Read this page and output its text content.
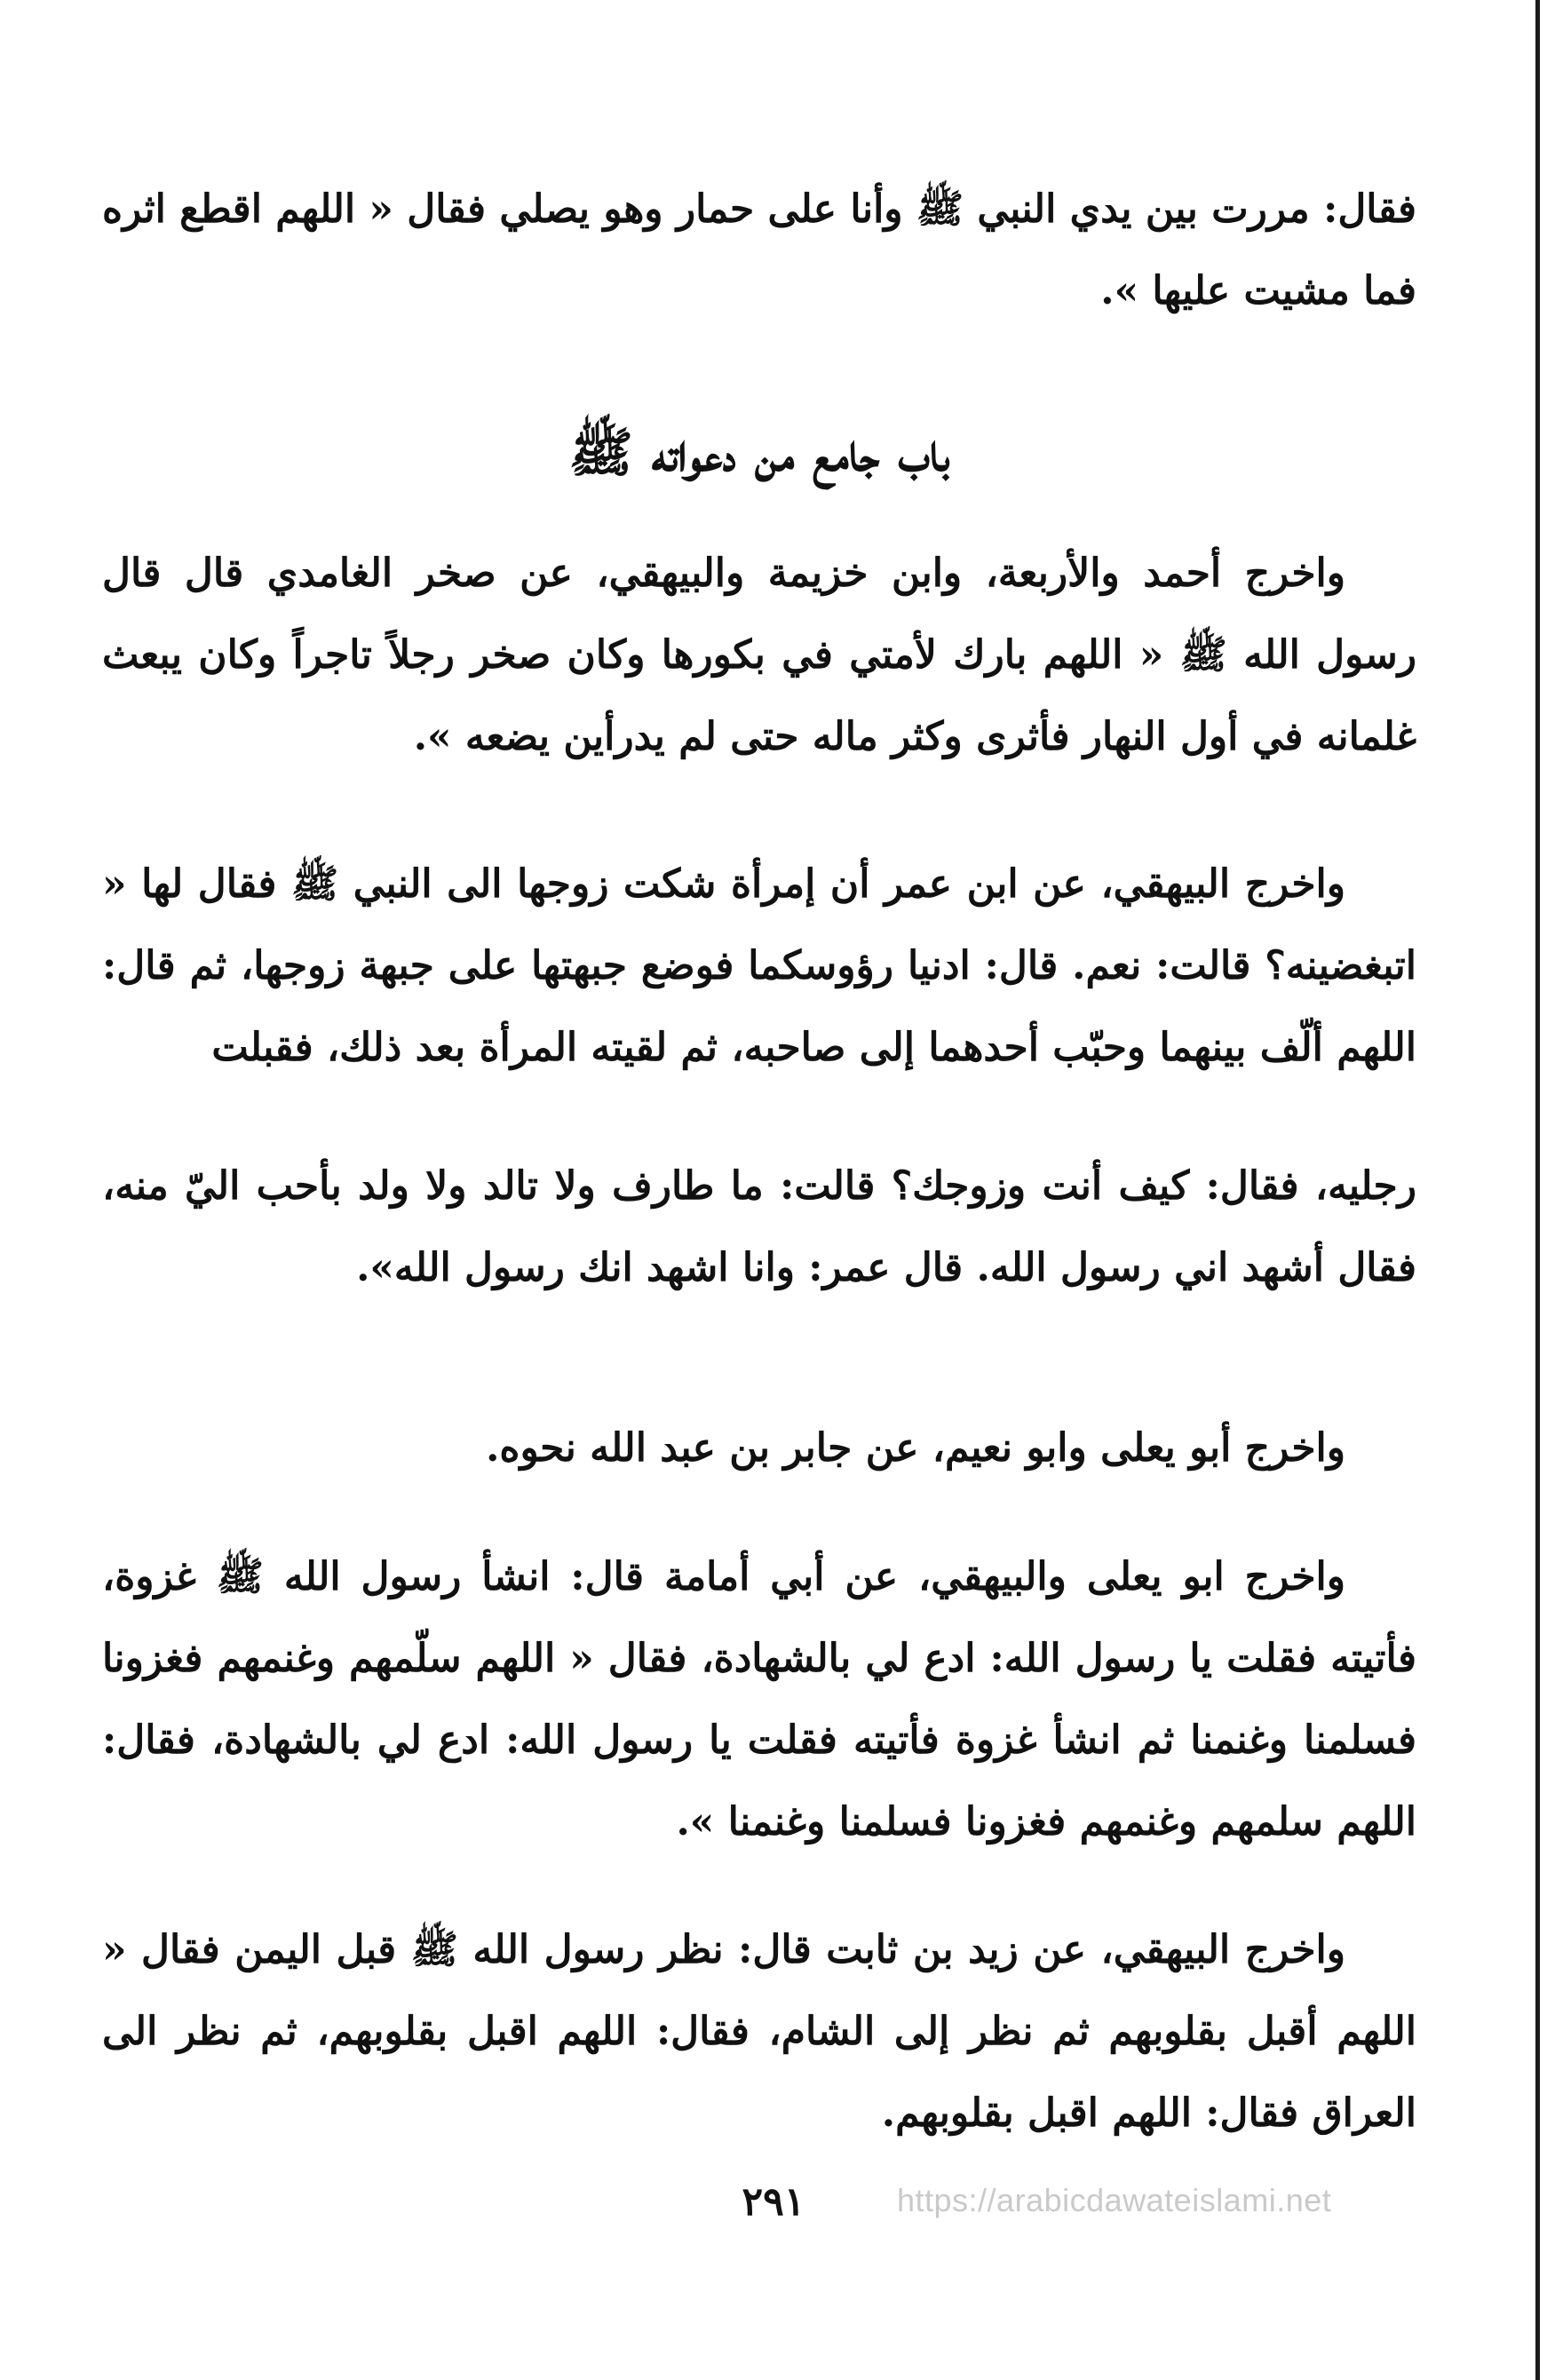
فقال: مررت بين يدي النبي ﷺ وأنا على حمار وهو يصلي فقال « اللهم اقطع اثره فما مشيت عليها ».

باب جامع من دعواته ﷺ

واخرج أحمد والأربعة، وابن خزيمة والبيهقي، عن صخر الغامدي قال قال رسول الله ﷺ « اللهم بارك لأمتي في بكورها وكان صخر رجلاً تاجراً وكان يبعث غلمانه في أول النهار فأثرى وكثر ماله حتى لم يدرأين يضعه ».

واخرج البيهقي، عن ابن عمر أن إمرأة شكت زوجها الى النبي ﷺ فقال لها « اتبغضينه؟ قالت: نعم. قال: ادنيا رؤوسكما فوضع جبهتها على جبهة زوجها، ثم قال: اللهم ألّف بينهما وحبّب أحدهما إلى صاحبه، ثم لقيته المرأة بعد ذلك، فقبلت

رجليه، فقال: كيف أنت وزوجك؟ قالت: ما طارف ولا تالد ولا ولد بأحب اليّ منه، فقال أشهد اني رسول الله. قال عمر: وانا اشهد انك رسول الله».

واخرج أبو يعلى وابو نعيم، عن جابر بن عبد الله نحوه.

واخرج ابو يعلى والبيهقي، عن أبي أمامة قال: انشأ رسول الله ﷺ غزوة، فأتيته فقلت يا رسول الله: ادع لي بالشهادة، فقال « اللهم سلّمهم وغنمهم فغزونا فسلمنا وغنمنا ثم انشأ غزوة فأتيته فقلت يا رسول الله: ادع لي بالشهادة، فقال: اللهم سلمهم وغنمهم فغزونا فسلمنا وغنمنا ».

واخرج البيهقي، عن زيد بن ثابت قال: نظر رسول الله ﷺ قبل اليمن فقال « اللهم أقبل بقلوبهم ثم نظر إلى الشام، فقال: اللهم اقبل بقلوبهم، ثم نظر الى العراق فقال: اللهم اقبل بقلوبهم.

٢٩١	https://arabicdawateislami.net
